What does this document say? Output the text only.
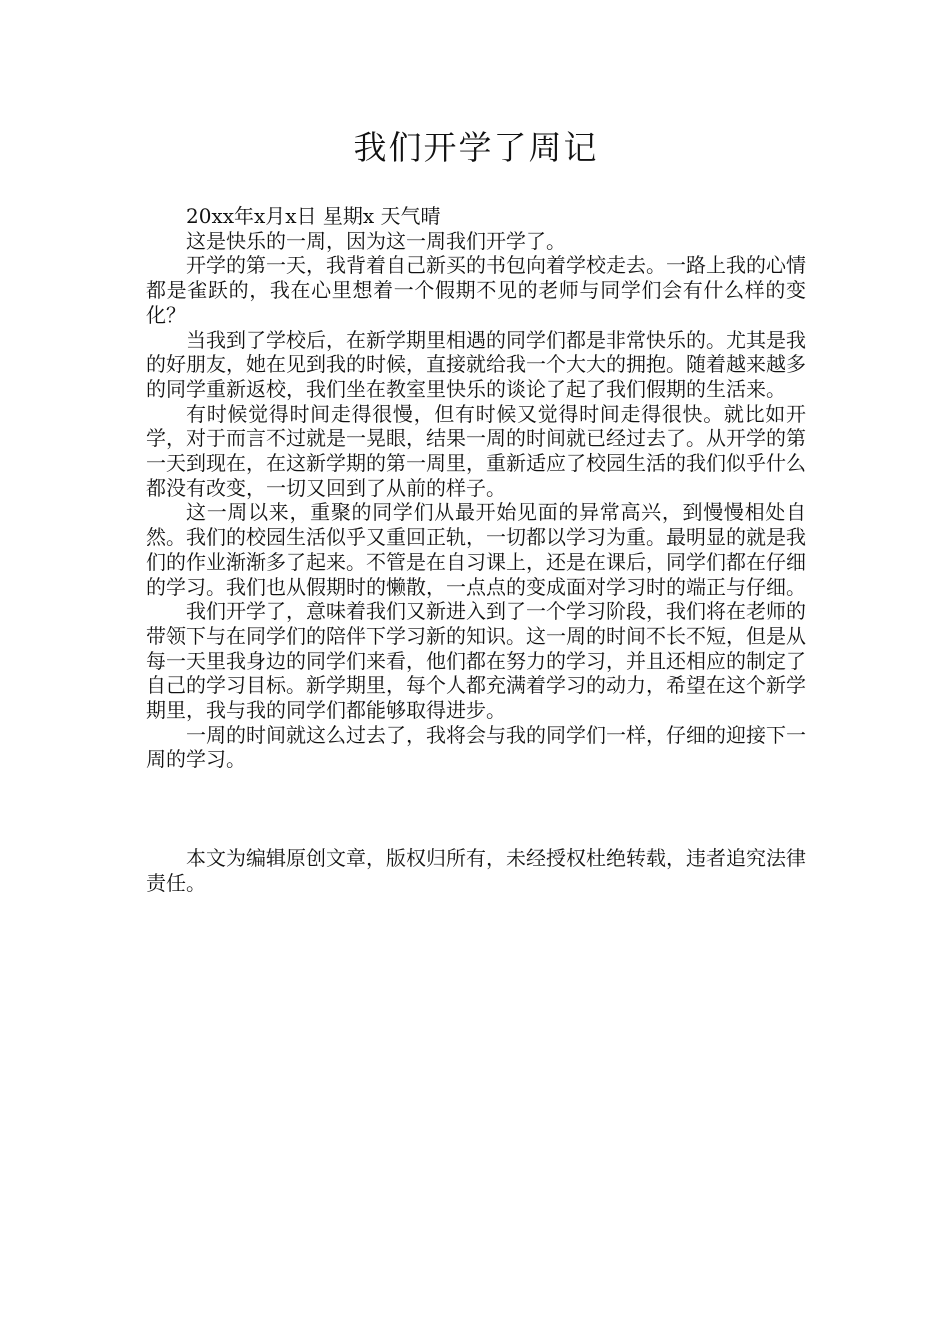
我们开学了周记

20xx年x月x日 星期x 天气晴

这是快乐的一周，因为这一周我们开学了。

开学的第一天，我背着自己新买的书包向着学校走去。一路上我的心情都是雀跃的，我在心里想着一个假期不见的老师与同学们会有什么样的变化？

当我到了学校后，在新学期里相遇的同学们都是非常快乐的。尤其是我的好朋友，她在见到我的时候，直接就给我一个大大的拥抱。随着越来越多的同学重新返校，我们坐在教室里快乐的谈论了起了我们假期的生活来。

有时候觉得时间走得很慢，但有时候又觉得时间走得很快。就比如开学，对于而言不过就是一晃眼，结果一周的时间就已经过去了。从开学的第一天到现在，在这新学期的第一周里，重新适应了校园生活的我们似乎什么都没有改变，一切又回到了从前的样子。

这一周以来，重聚的同学们从最开始见面的异常高兴，到慢慢相处自然。我们的校园生活似乎又重回正轨，一切都以学习为重。最明显的就是我们的作业渐渐多了起来。不管是在自习课上，还是在课后，同学们都在仔细的学习。我们也从假期时的懒散，一点点的变成面对学习时的端正与仔细。

我们开学了，意味着我们又新进入到了一个学习阶段，我们将在老师的带领下与在同学们的陪伴下学习新的知识。这一周的时间不长不短，但是从每一天里我身边的同学们来看，他们都在努力的学习，并且还相应的制定了自己的学习目标。新学期里，每个人都充满着学习的动力，希望在这个新学期里，我与我的同学们都能够取得进步。

一周的时间就这么过去了，我将会与我的同学们一样，仔细的迎接下一周的学习。

本文为编辑原创文章，版权归所有，未经授权杜绝转载，违者追究法律责任。
